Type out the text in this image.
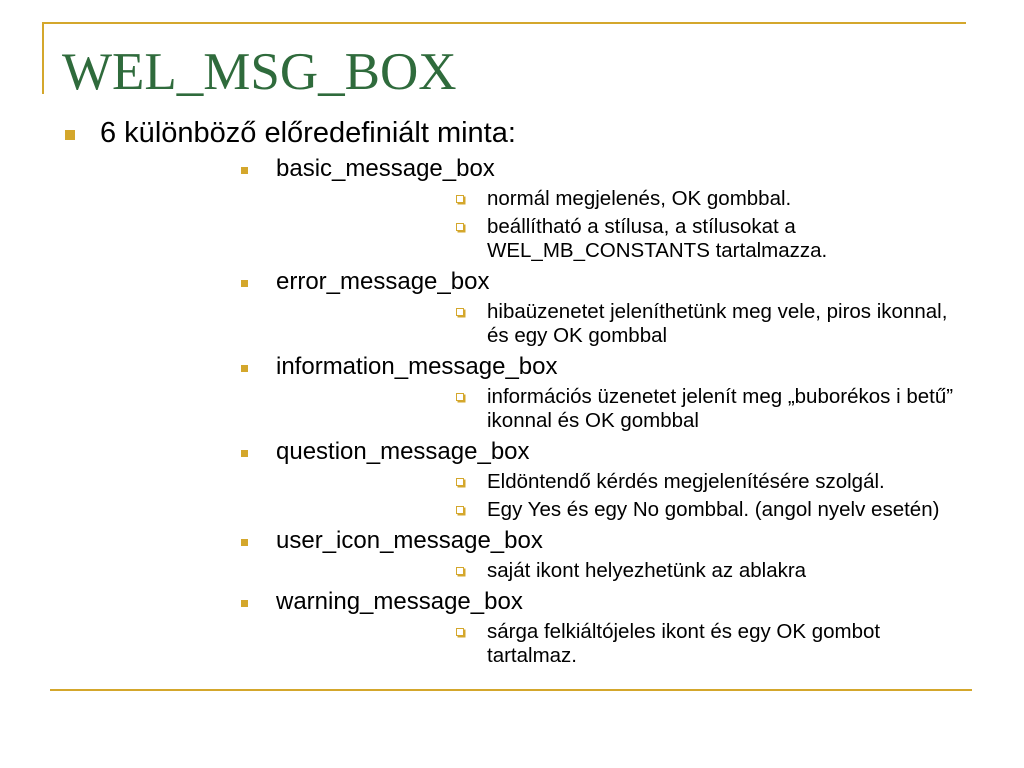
WEL_MSG_BOX
6 különböző előredefiniált minta:
basic_message_box
normál megjelenés, OK gombbal.
beállítható a stílusa, a stílusokat a WEL_MB_CONSTANTS tartalmazza.
error_message_box
hibaüzenetet jeleníthetünk meg vele, piros ikonnal, és egy OK gombbal
information_message_box
információs üzenetet jelenít meg „buborékos i betű” ikonnal és OK gombbal
question_message_box
Eldöntendő kérdés megjelenítésére szolgál.
Egy Yes és egy No gombbal. (angol nyelv esetén)
user_icon_message_box
saját ikont helyezhetünk az ablakra
warning_message_box
sárga felkiáltójeles ikont és egy OK gombot tartalmaz.
